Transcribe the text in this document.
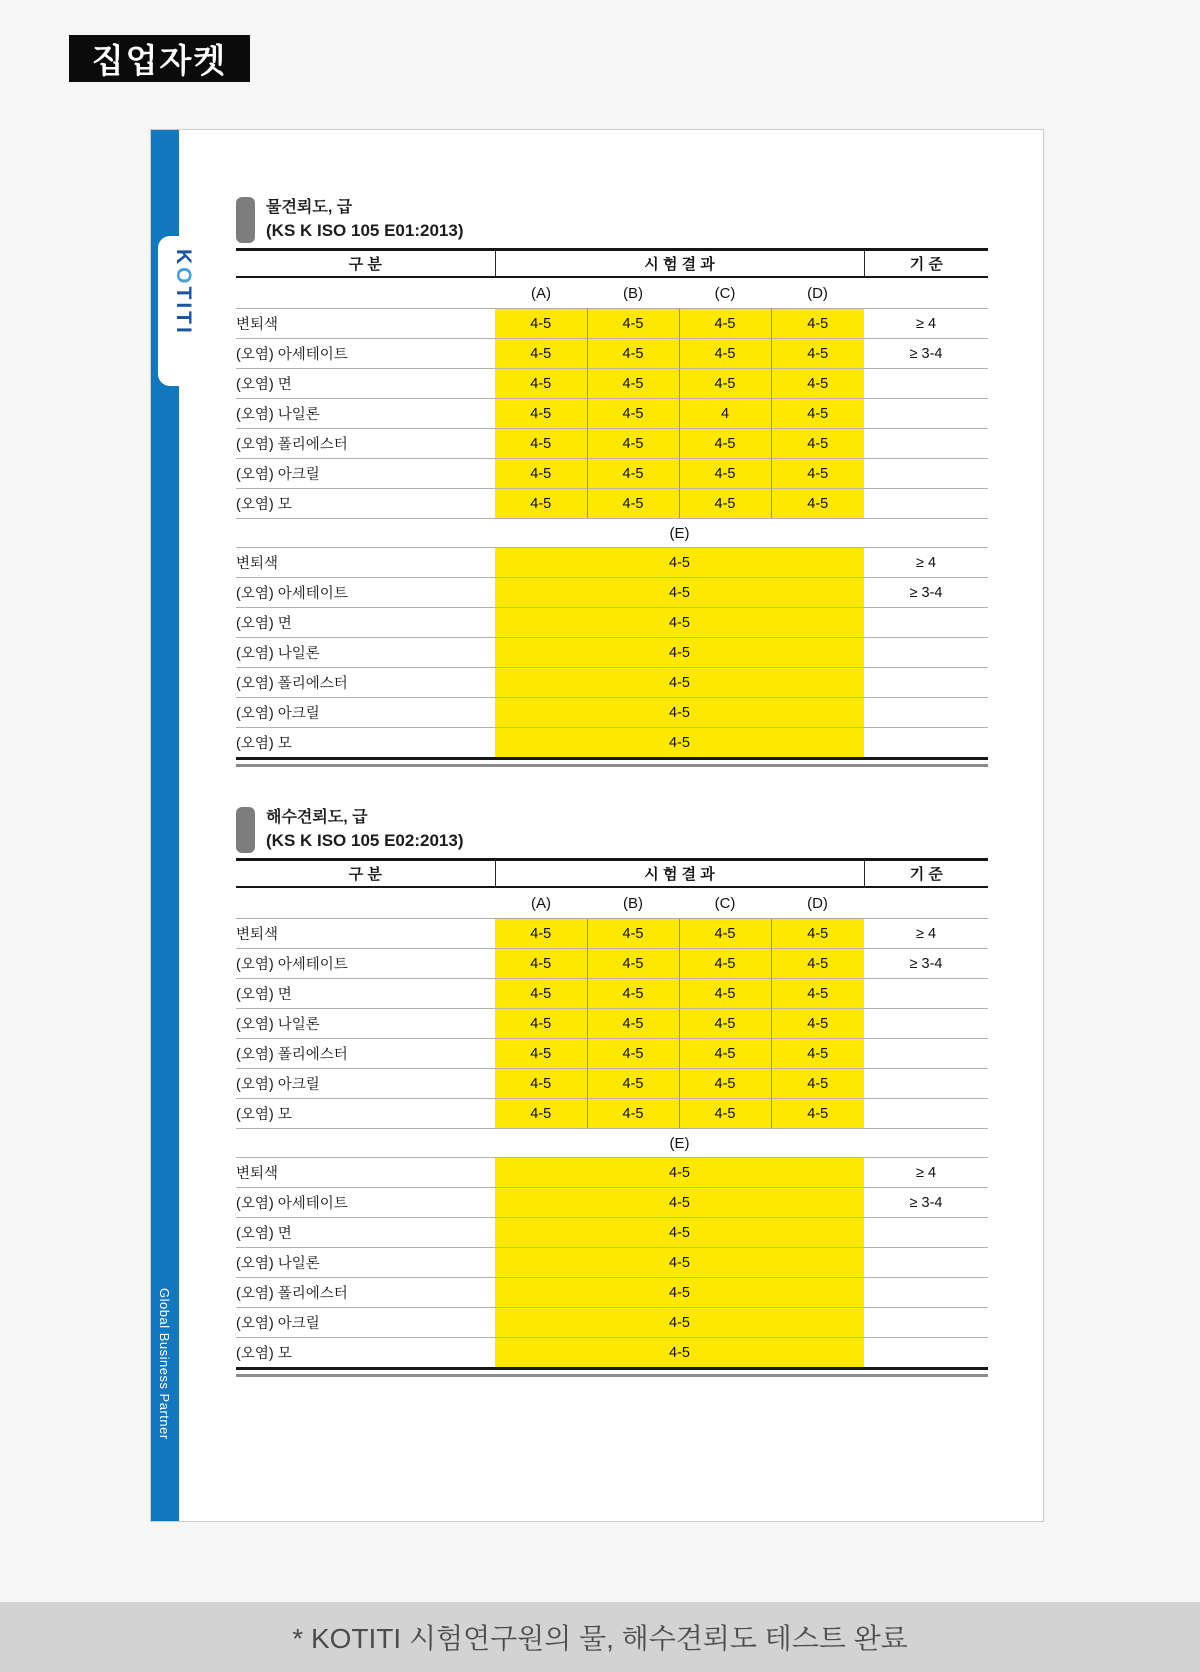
집업자켓
KOTITI
Global Business Partner
물견뢰도, 급
(KS K ISO 105 E01:2013)
구 분	시 험 결 과				기 준
	(A)	(B)	(C)	(D)	
변퇴색	4-5	4-5	4-5	4-5	≥ 4
(오염) 아세테이트	4-5	4-5	4-5	4-5	≥ 3-4
(오염) 면	4-5	4-5	4-5	4-5	
(오염) 나일론	4-5	4-5	4	4-5	
(오염) 폴리에스터	4-5	4-5	4-5	4-5	
(오염) 아크릴	4-5	4-5	4-5	4-5	
(오염) 모	4-5	4-5	4-5	4-5	
	(E)				
변퇴색	4-5				≥ 4
(오염) 아세테이트	4-5				≥ 3-4
(오염) 면	4-5				
(오염) 나일론	4-5				
(오염) 폴리에스터	4-5				
(오염) 아크릴	4-5				
(오염) 모	4-5				
해수견뢰도, 급
(KS K ISO 105 E02:2013)
구 분	시 험 결 과				기 준
	(A)	(B)	(C)	(D)	
변퇴색	4-5	4-5	4-5	4-5	≥ 4
(오염) 아세테이트	4-5	4-5	4-5	4-5	≥ 3-4
(오염) 면	4-5	4-5	4-5	4-5	
(오염) 나일론	4-5	4-5	4-5	4-5	
(오염) 폴리에스터	4-5	4-5	4-5	4-5	
(오염) 아크릴	4-5	4-5	4-5	4-5	
(오염) 모	4-5	4-5	4-5	4-5	
	(E)				
변퇴색	4-5				≥ 4
(오염) 아세테이트	4-5				≥ 3-4
(오염) 면	4-5				
(오염) 나일론	4-5				
(오염) 폴리에스터	4-5				
(오염) 아크릴	4-5				
(오염) 모	4-5				
* KOTITI 시험연구원의 물, 해수견뢰도 테스트 완료
